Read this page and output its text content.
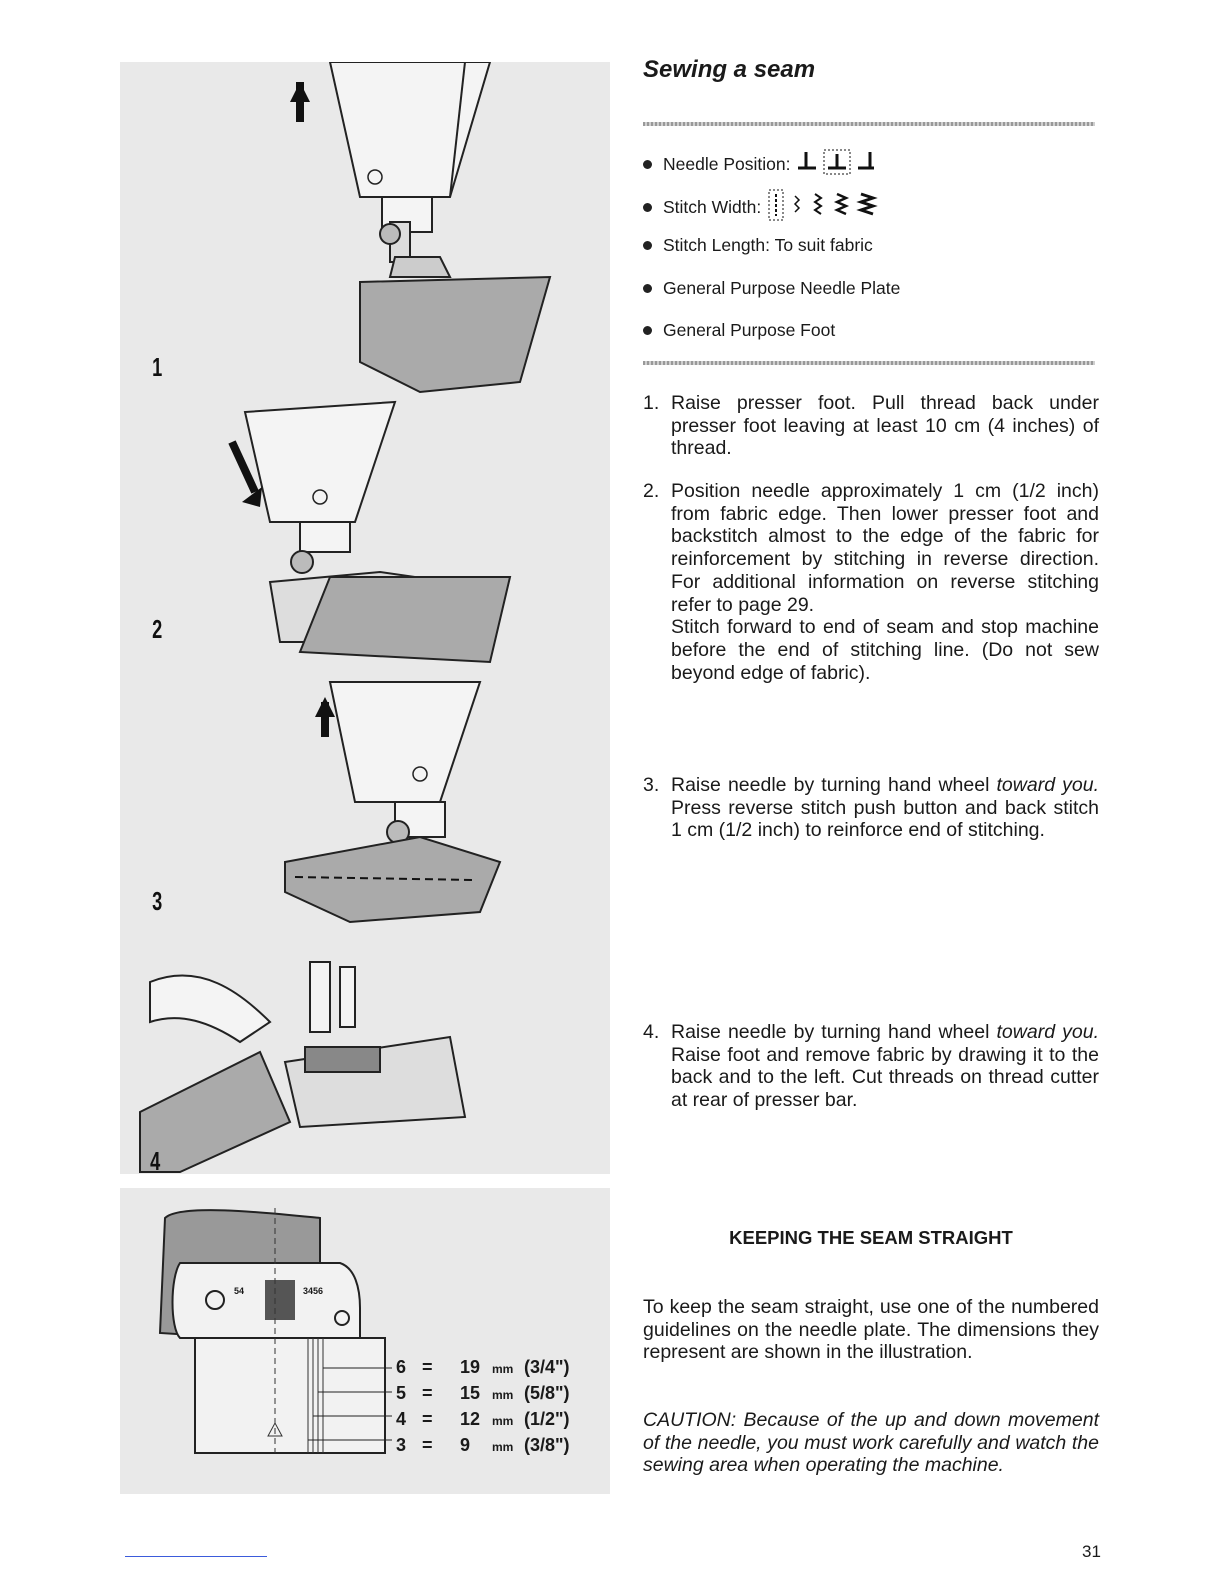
1
2
3
4
54	3456
6 = 19 mm (3/4")
5 = 15 mm (5/8")
4 = 12 mm (1/2")
3 = 9 mm (3/8")
Sewing a seam
Needle Position:
Stitch Width:
Stitch Length: To suit fabric
General Purpose Needle Plate
General Purpose Foot
1. Raise presser foot. Pull thread back under presser foot leaving at least 10 cm (4 inches) of thread.
2. Position needle approximately 1 cm (1/2 inch) from fabric edge. Then lower presser foot and backstitch almost to the edge of the fabric for reinforcement by stitching in reverse direction. For additional information on reverse stitching refer to page 29.
Stitch forward to end of seam and stop machine before the end of stitching line. (Do not sew beyond edge of fabric).
3. Raise needle by turning hand wheel toward you. Press reverse stitch push button and back stitch 1 cm (1/2 inch) to reinforce end of stitching.
4. Raise needle by turning hand wheel toward you. Raise foot and remove fabric by drawing it to the back and to the left. Cut threads on thread cutter at rear of presser bar.
KEEPING THE SEAM STRAIGHT
To keep the seam straight, use one of the numbered guidelines on the needle plate. The dimensions they represent are shown in the illustration.
CAUTION: Because of the up and down movement of the needle, you must work carefully and watch the sewing area when operating the machine.
31
